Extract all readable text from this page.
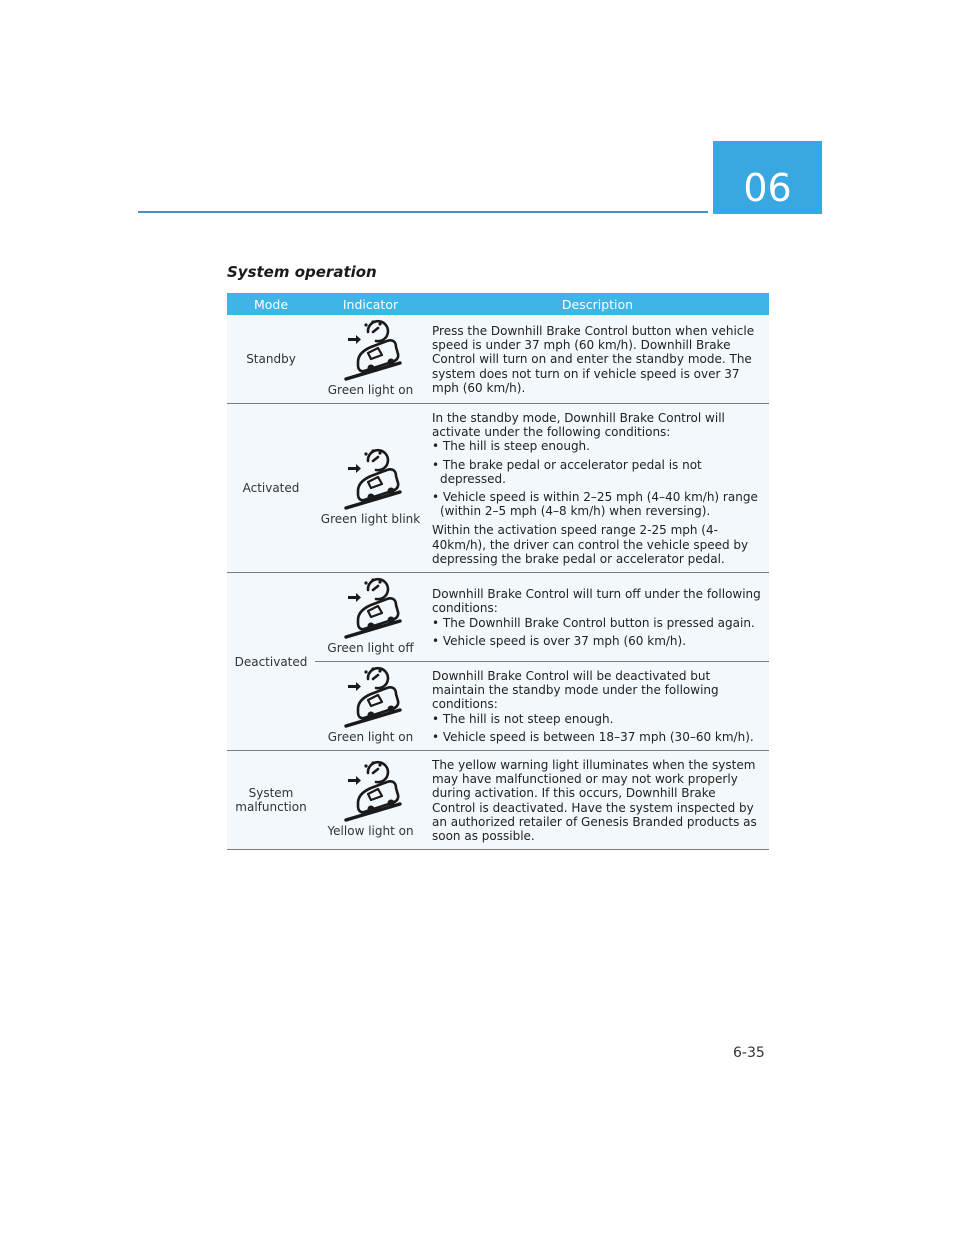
06
System operation
Mode	Indicator	Description
Standby	Green light on	Press the Downhill Brake Control button when vehicle speed is under 37 mph (60 km/h). Downhill Brake Control will turn on and enter the standby mode. The system does not turn on if vehicle speed is over 37 mph (60 km/h).

Activated	Green light blink	In the standby mode, Downhill Brake Control will activate under the following conditions:

• The hill is steep enough.
• The brake pedal or accelerator pedal is not depressed.
• Vehicle speed is within 2–25 mph (4–40 km/h) range (within 2–5 mph (4–8 km/h) when reversing).

Within the activation speed range 2-25 mph (4-40km/h), the driver can control the vehicle speed by depressing the brake pedal or accelerator pedal.

Deactivated	Green light off	Downhill Brake Control will turn off under the following conditions:

• The Downhill Brake Control button is pressed again.
• Vehicle speed is over 37 mph (60 km/h).

	Green light on	Downhill Brake Control will be deactivated but maintain the standby mode under the following conditions:

• The hill is not steep enough.
• Vehicle speed is between 18–37 mph (30–60 km/h).

System
malfunction	Yellow light on	The yellow warning light illuminates when the system may have malfunctioned or may not work properly during activation. If this occurs, Downhill Brake Control is deactivated. Have the system inspected by an authorized retailer of Genesis Branded products as soon as possible.

6-35
